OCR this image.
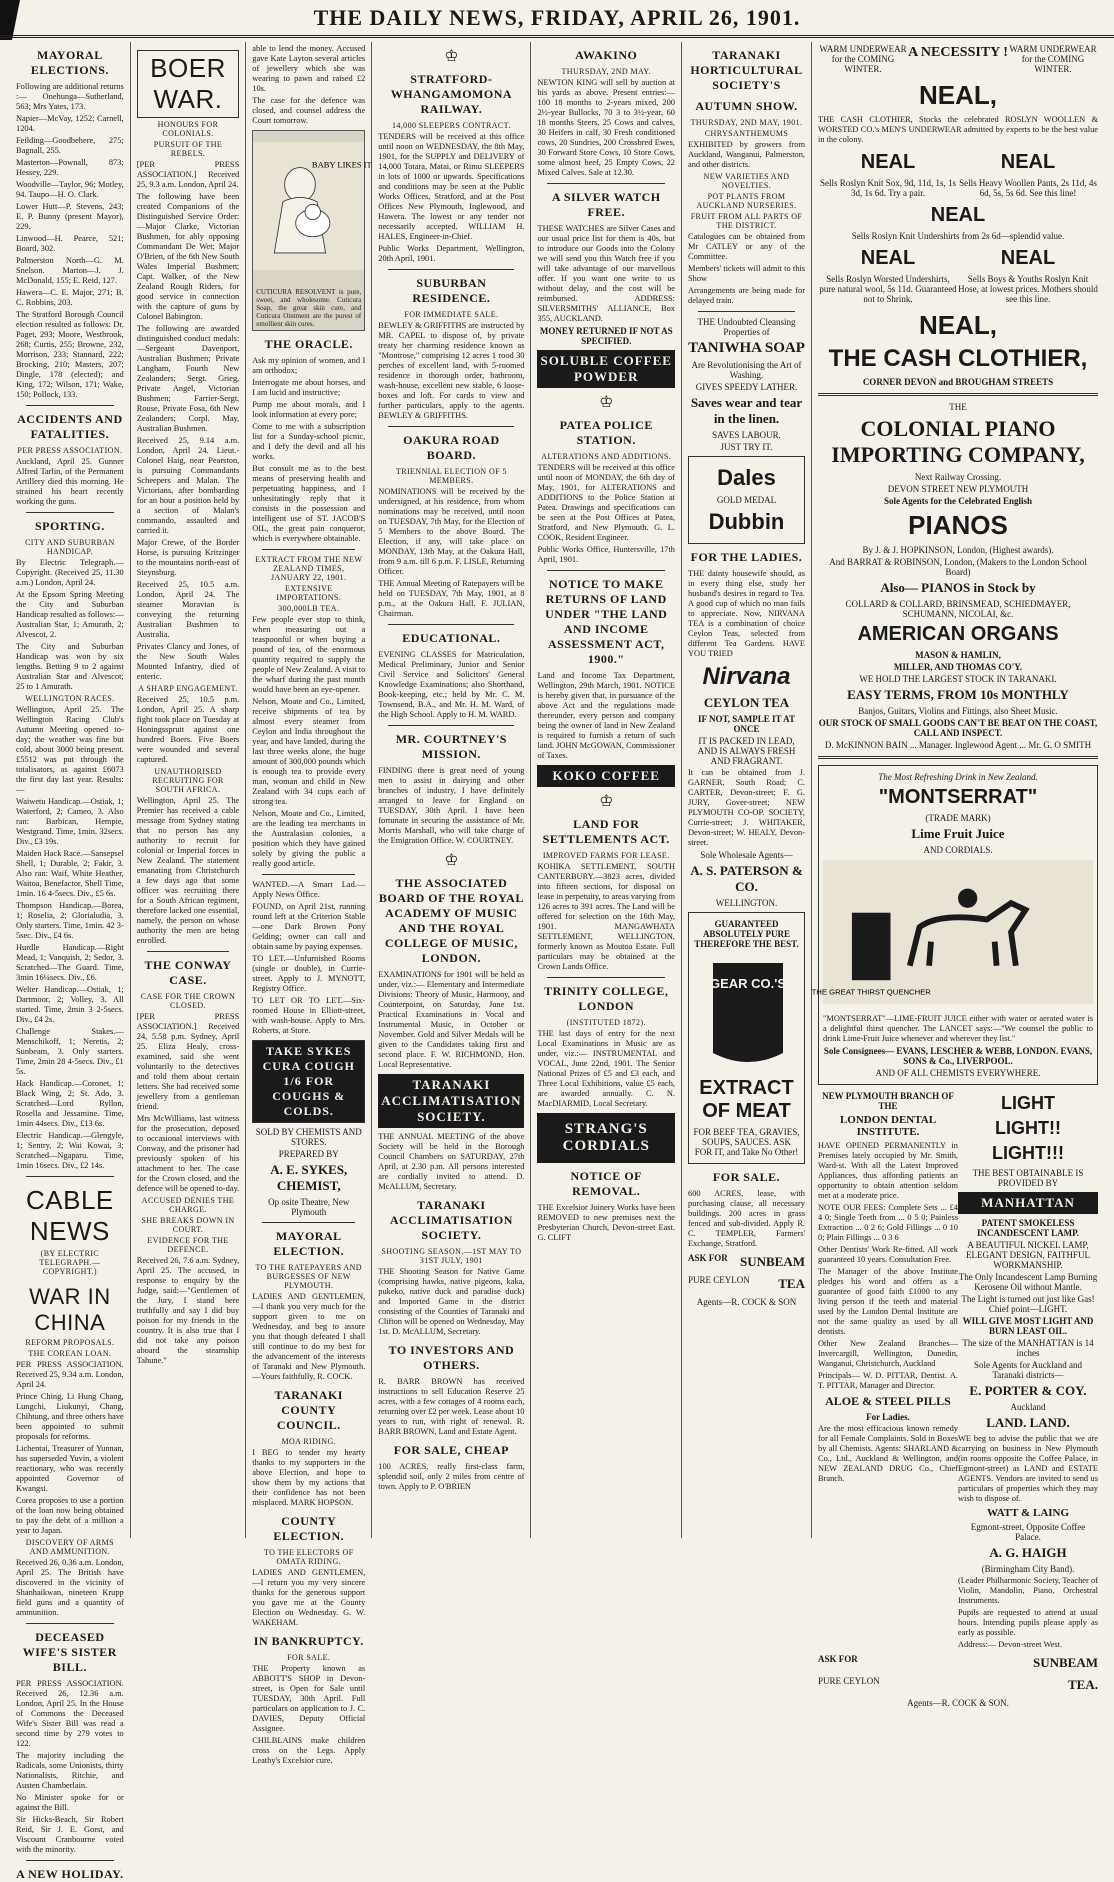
THE DAILY NEWS, FRIDAY, APRIL 26, 1901.
MAYORAL ELECTIONS.

Following are additional returns :— Onehunga—Sutherland, 563; Mrs Yates, 173.

Napier—McVay, 1252; Carnell, 1204.

Feilding—Goodbehere, 275; Bagnall, 255.

Masterton—Pownall, 873; Hessey, 229.

Woodville—Taylor, 96; Motley, 94. Taupo—H. O. Clark.

Lower Hutt—P. Stevens, 243; E. P. Bunny (present Mayor), 229.

Linwood—H. Pearce, 521; Board, 302.

Palmerston North—G. M. Snelson. Marton—J. J. McDonald, 155; E. Reid, 127.

Hawera—C. E. Major, 271; B. C. Robbins, 203.

The Stratford Borough Council election resulted as follows: Dr. Paget, 293; Moore, Westbrook, 268; Curtis, 255; Browne, 232, Morrison, 233; Stannard, 222; Brocking, 210; Masters, 207; Dingle, 178 (elected); and King, 172; Wilson, 171; Wake, 150; Pollock, 133.

ACCIDENTS AND FATALITIES.
PER PRESS ASSOCIATION.

Auckland, April 25. Gunner Alfred Tarlin, of the Permanent Artillery died this morning. He strained his heart recently working the guns.

SPORTING.
CITY AND SUBURBAN HANDICAP.

By Electric Telegraph.—Copyright. (Received 25, 11.30 a.m.) London, April 24.

At the Epsom Spring Meeting the City and Suburban Handicap resulted as follows:— Australian Star, 1; Amurath, 2; Alvescot, 2.

The City and Suburban Handicap was won by six lengths. Betting 9 to 2 against Australian Star and Alvescot; 25 to 1 Amurath.

WELLINGTON RACES.

Wellington, April 25. The Wellington Racing Club's Autumn Meeting opened to-day; the weather was fine but cold, about 3000 being present. £5512 was put through the totalisators, as against £6073 the first day last year. Results:—

Waiwetu Handicap.—Ostiak, 1; Waterford, 2; Cameo, 3. Also ran: Barbican, Hempie, Westgrand. Time, 1min. 32secs. Div., £3 19s.

Maiden Hack Race.—Sansepsel Shell, 1; Durable, 2; Fakir, 3. Also ran: Waif, White Heather, Waitoa, Benefactor, Shell Time, 1min. 16 4-5secs. Div., £5 6s.

Thompson Handicap.—Borea, 1; Roselia, 2; Glorialudia, 3. Only starters. Time, 1min. 42 3-5sec. Div., £4 6s.

Hurdle Handicap.—Right Mead, 1; Vanquish, 2; Sedor, 3. Scratched—The Guard. Time, 3min 16¼secs. Div., £6.

Welter Handicap.—Ostiak, 1; Dartmoor, 2; Volley, 3. All started. Time, 2min 3 2-5secs. Div., £4 2s.

Challenge Stakes.—Menschikoff, 1; Neretis, 2; Sunbeam, 3. Only starters. Time, 2min 28 4-5secs. Div., £1 5s.

Hack Handicap.—Coronet, 1; Black Wing, 2; St. Ado, 3. Scratched—Lord Ryllon, Rosella and Jessamine. Time, 1min 44secs. Div., £13 6s.

Electric Handicap.—Glengyle, 1; Sentry, 2; Wai Kowai, 3; Scratched—Ngaparu. Time, 1min 16secs. Div., £2 14s.

CABLE NEWS
(BY ELECTRIC TELEGRAPH.—COPYRIGHT.)
WAR IN CHINA
REFORM PROPOSALS.
THE COREAN LOAN.

PER PRESS ASSOCIATION. Received 25, 9.34 a.m. London, April 24.

Prince Ching, Li Hung Chang, Lungchi, Liukunyi, Chang, Chihtung, and three others have been appointed to submit proposals for reforms.

Lichentai, Treasurer of Yunnan, has superseded Yuvin, a violent reactionary, who was recently appointed Governor of Kwangsi.

Corea proposes to use a portion of the loan now being obtained to pay the debt of a million a year to Japan.

DISCOVERY OF ARMS AND AMMUNITION.

Received 26, 0.36 a.m. London, April 25. The British have discovered in the vicinity of Shanhaikwan, nineteen Krupp field guns and a quantity of ammunition.

DECEASED WIFE'S SISTER BILL.

PER PRESS ASSOCIATION. Received 26, 12.36 a.m. London, April 25. In the House of Commons the Deceased Wife's Sister Bill was read a second time by 279 votes to 122.

The majority including the Radicals, some Unionists, thirty Nationalists, Ritchie, and Austen Chamberlain.

No Minister spoke for or against the Bill.

Sir Hicks-Beach, Sir Robert Reid, Sir J. E. Gorst, and Viscount Cranbourne voted with the minority.

A NEW HOLIDAY.
BOER WAR.
HONOURS FOR COLONIALS.
PURSUIT OF THE REBELS.

[PER PRESS ASSOCIATION.] Received 25, 9.3 a.m. London, April 24.

The following have been created Companions of the Distinguished Service Order:—Major Clarke, Victorian Bushmen, for ably opposing Commandant De Wet; Major O'Brien, of the 6th New South Wales Imperial Bushmen; Capt. Walker, of the New Zealand Rough Riders, for good service in connection with the capture of guns by Colonel Babington.

The following are awarded distinguished conduct medals:—Sergeant Davenport, Australian Bushmen; Private Langham, Fourth New Zealanders; Sergt. Grieg, Private Angel, Victorian Bushmen; Farrier-Sergt. Rouse, Private Fosa, 6th New Zealanders; Corpl. May, Australian Bushmen.

Received 25, 9.14 a.m. London, April 24. Lieut.-Colonel Haig, near Pearston, is pursuing Commandants Scheepers and Malan. The Victorians, after bombarding for an hour a position held by a section of Malan's commando, assaulted and carried it.

Major Crewe, of the Border Horse, is pursuing Kritzinger to the mountains north-east of Steynsburg.

Received 25, 10.5 a.m. London, April 24. The steamer Moravian is conveying the returning Australian Bushmen to Australia.

Privates Clancy and Jones, of the New South Wales Mounted Infantry, died of enteric.

A SHARP ENGAGEMENT.

Received 25, 10.5 p.m. London, April 25. A sharp fight took place on Tuesday at Honingsspruit against one hundred Boers. Five Boers were wounded and several captured.

UNAUTHORISED RECRUITING FOR SOUTH AFRICA.

Wellington, April 25. The Premier has received a cable message from Sydney stating that no person has any authority to recruit for colonial or Imperial forces in New Zealand. The statement emanating from Christchurch a few days ago that some officer was recruiting there for a South African regiment, therefore lacked one essential, namely, the person on whose authority the men are being enrolled.

THE CONWAY CASE.
CASE FOR THE CROWN CLOSED.

[PER PRESS ASSOCIATION.] Received 24, 5.58 p.m. Sydney, April 25. Eliza Healy, cross-examined, said she went voluntarily to the detectives and told them about certain letters. She had received some jewellery from a gentleman friend.

Mrs McWilliams, last witness for the prosecution, deposed to occasional interviews with Conway, and the prisoner had previously spoken of his attachment to her. The case for the Crown closed, and the defence will be opened to-day.

ACCUSED DENIES THE CHARGE.
SHE BREAKS DOWN IN COURT.
EVIDENCE FOR THE DEFENCE.

Received 26, 7.6 a.m. Sydney, April 25. The accused, in response to enquiry by the Judge, said:—"Gentlemen of the Jury, I stand here truthfully and say I did buy poison for my friends in the country. It is also true that I did not take any poison aboard the steamship Tahune."

able to lend the money. Accused gave Kate Layton several articles of jewellery which she was wearing to pawn and raised £2 10s.

The case for the defence was closed, and counsel address the Court tomorrow.

BABY LIKES IT

CUTICURA RESOLVENT is pure, sweet, and wholesome. Cuticura Soap, the great skin cure, and Cuticura Ointment are the purest of emollient skin cures.

THE ORACLE.

Ask my opinion of women, and I am orthodox;

Interrogate me about horses, and I am lucid and instructive;

Pump me about morals, and I look information at every pore;

Come to me with a subscription list for a Sunday-school picnic, and I defy the devil and all his works.

But consult me as to the best means of preserving health and perpetuating happiness, and I unhesitatingly reply that it consists in the possession and intelligent use of ST. JACOB'S OIL, the great pain conqueror, which is everywhere obtainable.

EXTRACT FROM THE NEW ZEALAND TIMES, JANUARY 22, 1901.
EXTENSIVE IMPORTATIONS.
300,000LB TEA.

Few people ever stop to think, when measuring out a teaspoonful or when buying a pound of tea, of the enormous quantity required to supply the people of New Zealand. A visit to the wharf during the past month would have been an eye-opener.

Nelson, Moate and Co., Limited, receive shipments of tea by almost every steamer from Ceylon and India throughout the year, and have landed, during the last three weeks alone, the huge amount of 300,000 pounds which is enough tea to provide every man, woman and child in New Zealand with 34 cups each of strong tea.

Nelson, Moate and Co., Limited, are the leading tea merchants in the Australasian colonies, a position which they have gained solely by giving the public a really good article.

WANTED.—A Smart Lad.—Apply News Office.

FOUND, on April 21st, running round left at the Criterion Stable—one Dark Brown Pony Gelding; owner can call and obtain same by paying expenses.

TO LET.—Unfurnished Rooms (single or double), in Currie-street. Apply to J. MYNOTT, Registry Office.

TO LET OR TO LET.—Six-roomed House in Elliott-street, with wash-house. Apply to Mrs. Roberts, at Store.

TAKE SYKES CURA COUGH 1/6 FOR COUGHS & COLDS.
SOLD BY CHEMISTS AND STORES.
PREPARED BY
A. E. SYKES, CHEMIST,
Op osite Theatre, New Plymouth
MAYORAL ELECTION.
TO THE RATEPAYERS AND BURGESSES OF NEW PLYMOUTH.

LADIES AND GENTLEMEN,—I thank you very much for the support given to me on Wednesday, and beg to assure you that though defeated I shall still continue to do my best for the advancement of the interests of Taranaki and New Plymouth.—Yours faithfully, R. COCK.

TARANAKI COUNTY COUNCIL.
MOA RIDING.

I BEG to tender my hearty thanks to my supporters in the above Election, and hope to show them by my actions that their confidence has not been misplaced. MARK HOPSON.

COUNTY ELECTION.
TO THE ELECTORS OF OMATA RIDING.

LADIES AND GENTLEMEN,—I return you my very sincere thanks for the generous support you gave me at the County Election on Wednesday. G. W. WAKEHAM.

IN BANKRUPTCY.
FOR SALE.

THE Property known as ABBOTT'S SHOP in Devon-street, is Open for Sale until TUESDAY, 30th April. Full particulars on application to J. C. DAVIES, Deputy Official Assignee.

CHILBLAINS make children cross on the Legs. Apply Leathy's Excelsior cure.

♔
STRATFORD-WHANGAMOMONA RAILWAY.
14,000 SLEEPERS CONTRACT.

TENDERS will be received at this office until noon on WEDNESDAY, the 8th May, 1901, for the SUPPLY and DELIVERY of 14,000 Totara, Matai, or Rimu SLEEPERS in lots of 1000 or upwards. Specifications and conditions may be seen at the Public Works Offices, Stratford, and at the Post Offices New Plymouth, Inglewood, and Hawera. The lowest or any tender not necessarily accepted. WILLIAM H. HALES, Engineer-in-Chief.

Public Works Department, Wellington, 20th April, 1901.

SUBURBAN RESIDENCE.
FOR IMMEDIATE SALE.

BEWLEY & GRIFFITHS are instructed by MR. CAPEL to dispose of, by private treaty her charming residence known as "Montrose," comprising 12 acres 1 rood 30 perches of excellent land, with 5-roomed residence in thorough order, bathroom, wash-house, excellent new stable, 6 loose-boxes and loft. For cards to view and further particulars, apply to the agents. BEWLEY & GRIFFITHS.

OAKURA ROAD BOARD.
TRIENNIAL ELECTION OF 5 MEMBERS.

NOMINATIONS will be received by the undersigned, at his residence, from whom nominations may be received, until noon on TUESDAY, 7th May, for the Election of 5 Members to the above Board. The Election, if any, will take place on MONDAY, 13th May, at the Oakura Hall, from 9 a.m. till 6 p.m. F. LISLE, Returning Officer.

THE Annual Meeting of Ratepayers will be held on TUESDAY, 7th May, 1901, at 8 p.m., at the Oakura Hall. F. JULIAN, Chairman.

EDUCATIONAL.

EVENING CLASSES for Matriculation, Medical Preliminary, Junior and Senior Civil Service and Solicitors' General Knowledge Examinations; also Shorthand, Book-keeping, etc.; held by Mr. C. M. Townsend, B.A., and Mr. H. M. Ward, of the High School. Apply to H. M. WARD.

MR. COURTNEY'S MISSION.

FINDING there is great need of young men to assist in dairying and other branches of industry, I have definitely arranged to leave for England on TUESDAY, 30th April. I have been fortunate in securing the assistance of Mr. Morris Marshall, who will take charge of the Emigration Office. W. COURTNEY.

♔
THE ASSOCIATED BOARD OF THE ROYAL ACADEMY OF MUSIC AND THE ROYAL COLLEGE OF MUSIC, LONDON.

EXAMINATIONS for 1901 will be held as under, viz.:— Elementary and Intermediate Divisions: Theory of Music, Harmony, and Counterpoint, on Saturday, June 1st. Practical Examinations in Vocal and Instrumental Music, in October or November. Gold and Silver Medals will be given to the Candidates taking first and second place. F. W. RICHMOND, Hon. Local Representative.

TARANAKI ACCLIMATISATION SOCIETY.

THE ANNUAL MEETING of the above Society will be held in the Borough Council Chambers on SATURDAY, 27th April, at 2.30 p.m. All persons interested are cordially invited to attend. D. McALLUM, Secretary.

TARANAKI ACCLIMATISATION SOCIETY.
SHOOTING SEASON.—1ST MAY TO 31ST JULY, 1901

THE Shooting Season for Native Game (comprising hawks, native pigeons, kaka, pukeko, native duck and paradise duck) and Imported Game in the district consisting of the Counties of Taranaki and Clifton will be opened on Wednesday, May 1st. D. McALLUM, Secretary.

TO INVESTORS AND OTHERS.

R. BARR BROWN has received instructions to sell Education Reserve 25 acres, with a few cottages of 4 rooms each, returning over £2 per week. Lease about 10 years to run, with right of renewal. R. BARR BROWN, Land and Estate Agent.

FOR SALE, CHEAP

100 ACRES, really first-class farm, splendid soil, only 2 miles from centre of town. Apply to P. O'BRIEN

AWAKINO
THURSDAY, 2ND MAY.

NEWTON KING will sell by auction at his yards as above. Present entries:— 100 18 months to 2-years mixed, 200 2½-year Bullocks, 70 3 to 3½-year, 60 18 months Steers, 25 Cows and calves, 30 Heifers in calf, 30 Fresh conditioned cows, 20 Sundries, 200 Crossbred Ewes, 30 Forward Store Cows, 10 Store Cows, some almost beef, 25 Empty Cows, 22 Mixed Calves. Sale at 12.30.

A SILVER WATCH FREE.

THESE WATCHES are Silver Cases and our usual price list for them is 40s, but to introduce our Goods into the Colony we will send you this Watch free if you will take advantage of our marvellous offer. If you want one write to us without delay, and the cost will be reimbursed. ADDRESS: SILVERSMITHS' ALLIANCE, Box 355, AUCKLAND.

MONEY RETURNED IF NOT AS SPECIFIED.
SOLUBLE COFFEE POWDER
♔
PATEA POLICE STATION.
ALTERATIONS AND ADDITIONS.

TENDERS will be received at this office until noon of MONDAY, the 6th day of May, 1901, for ALTERATIONS and ADDITIONS to the Police Station at Patea. Drawings and specifications can be seen at the Post Offices at Patea, Stratford, and New Plymouth. G. L. COOK, Resident Engineer.

Public Works Office, Huntersville, 17th April, 1901.

NOTICE TO MAKE RETURNS OF LAND UNDER "THE LAND AND INCOME ASSESSMENT ACT, 1900."

Land and Income Tax Department, Wellington, 29th March, 1901. NOTICE is hereby given that, in pursuance of the above Act and the regulations made thereunder, every person and company being the owner of land in New Zealand is required to furnish a return of such land. JOHN McGOWAN, Commissioner of Taxes.

KOKO COFFEE
♔
LAND FOR SETTLEMENTS ACT.
IMPROVED FARMS FOR LEASE.

KOHIKA SETTLEMENT, SOUTH CANTERBURY.—3823 acres, divided into fifteen sections, for disposal on lease in perpetuity, to areas varying from 126 acres to 391 acres. The Land will be offered for selection on the 16th May, 1901. MANGAWHATA SETTLEMENT, WELLINGTON, formerly known as Moutoa Estate. Full particulars may be obtained at the Crown Lands Office.

TRINITY COLLEGE, LONDON
(INSTITUTED 1872).

THE last days of entry for the next Local Examinations in Music are as under, viz.:— INSTRUMENTAL and VOCAL, June 22nd, 1901. The Senior National Prizes of £5 and £3 each, and Three Local Exhibitions, value £5 each, are awarded annually. C. N. MacDIARMID, Local Secretary.

STRANG'S CORDIALS
NOTICE OF REMOVAL.

THE Excelsior Joinery Works have been REMOVED to new premises next the Presbyterian Church, Devon-street East. G. CLIFT

TARANAKI HORTICULTURAL SOCIETY'S
AUTUMN SHOW.
THURSDAY, 2ND MAY, 1901.
CHRYSANTHEMUMS

EXHIBITED by growers from Auckland, Wanganui, Palmerston, and other districts.

NEW VARIETIES AND NOVELTIES.
POT PLANTS FROM AUCKLAND NURSERIES.
FRUIT FROM ALL PARTS OF THE DISTRICT.

Catalogues can be obtained from Mr CATLEY or any of the Committee.

Members' tickets will admit to this Show

Arrangements are being made for delayed train.

THE Undoubted Cleansing Properties of
TANIWHA SOAP
Are Revolutionising the Art of Washing.
GIVES SPEEDY LATHER.
Saves wear and tear in the linen.
SAVES LABOUR.
JUST TRY IT.
Dales
GOLD MEDAL
Dubbin
FOR THE LADIES.

THE dainty housewife should, as in every thing else, study her husband's desires in regard to Tea. A good cup of which no man fails to appreciate. Now, NIRVANA TEA is a combination of choice Ceylon Teas, selected from different Tea Gardens. HAVE YOU TRIED

Nirvana
CEYLON TEA
IF NOT, SAMPLE IT AT ONCE
IT IS PACKED IN LEAD, AND IS ALWAYS FRESH AND FRAGRANT.

It can be obtained from J. GARNER, South Road; C. CARTER, Devon-street; F. G. JURY, Gover-street; NEW PLYMOUTH CO-OP. SOCIETY, Currie-street; J. WHITAKER, Devon-street; W. HEALY, Devon-street.

Sole Wholesale Agents—
A. S. PATERSON & CO.
WELLINGTON.
GUARANTEED ABSOLUTELY PURE THEREFORE THE BEST.
GEAR CO.'S
EXTRACT OF MEAT
FOR BEEF TEA, GRAVIES, SOUPS, SAUCES. ASK FOR IT, and Take No Other!
FOR SALE.

600 ACRES, lease, with purchasing clause, all necessary buildings. 200 acres in grass fenced and sub-divided. Apply R. C. TEMPLER, Farmers' Exchange, Stratford.

ASK FOR SUNBEAM
PURE CEYLON TEA
Agents—R. COCK & SON
WARM UNDERWEAR for the COMING WINTER.
A NECESSITY ! WARM UNDERWEAR for the COMING WINTER.
NEAL,

THE CASH CLOTHIER, Stocks the celebrated ROSLYN WOOLLEN & WORSTED CO.'s MEN'S UNDERWEAR admitted by experts to be the best value in the colony.

NEAL
Sells Roslyn Knit Sox, 9d, 11d, 1s, 1s 3d, 1s 6d. Try a pair.
NEAL
Sells Heavy Woollen Pants, 2s 11d, 4s 6d, 5s, 5s 6d. See this line!
NEAL
Sells Roslyn Knit Undershirts from 2s 6d—splendid value.
NEAL
Sells Roslyn Worsted Undershirts, pure natural wool, 5s 11d. Guaranteed not to Shrink.
NEAL
Sells Boys & Youths Roslyn Knit Hose, at lowest prices. Mothers should see this line.
NEAL,
THE CASH CLOTHIER,
CORNER DEVON and BROUGHAM STREETS
THE
COLONIAL PIANO IMPORTING COMPANY,
Next Railway Crossing.
DEVON STREET NEW PLYMOUTH
Sole Agents for the Celebrated English
PIANOS
By J. & J. HOPKINSON, London, (Highest awards).
And BARRAT & ROBINSON, London, (Makers to the London School Board)
Also— PIANOS in Stock by
COLLARD & COLLARD, BRINSMEAD, SCHIEDMAYER, SCHUMANN, NICOLAI, &c.
AMERICAN ORGANS
MASON & HAMLIN,
MILLER, AND THOMAS CO'Y.
WE HOLD THE LARGEST STOCK IN TARANAKI.
EASY TERMS, FROM 10s MONTHLY
Banjos, Guitars, Violins and Fittings, also Sheet Music.
OUR STOCK OF SMALL GOODS CAN'T BE BEAT ON THE COAST, CALL AND INSPECT.
D. McKINNON BAIN ... Manager. Inglewood Agent ... Mr. G. O SMITH
The Most Refreshing Drink in New Zealand.
"MONTSERRAT"
(TRADE MARK)
Lime Fruit Juice
AND CORDIALS.
THE GREAT THIRST QUENCHER

"MONTSERRAT"—LIME-FRUIT JUICE either with water or aerated water is a delightful thirst quencher. The LANCET says:—"We counsel the public to drink Lime-Fruit Juice whenever and wherever they list."

Sole Consignees— EVANS, LESCHER & WEBB, LONDON. EVANS, SONS & Co., LIVERPOOL.
AND OF ALL CHEMISTS EVERYWHERE.
NEW PLYMOUTH BRANCH OF THE
LONDON DENTAL INSTITUTE.

HAVE OPENED PERMANENTLY in Premises lately occupied by Mr. Smith, Ward-st. With all the Latest Improved Appliances, thus affording patients an opportunity to obtain attention seldom met at a moderate price.

NOTE OUR FEES: Complete Sets ... £4 4 0; Single Teeth from ... 0 5 0; Painless Extraction ... 0 2 6; Gold Fillings ... 0 10 0; Plain Fillings ... 0 3 6

Other Dentists' Work Re-fitted. All work guaranteed 10 years. Consultation Free.

The Manager of the above Institute pledges his word and offers as a guarantee of good faith £1000 to any living person if the teeth and material used by the London Dental Institute are not the same quality as used by all dentists.

Other New Zealand Branches— Invercargill, Wellington, Dunedin, Wanganui, Christchurch, Auckland

Principals— W. D. PITTAR, Dentist. A. T. PITTAR, Manager and Director.

ALOE & STEEL PILLS
For Ladies.

Are the most efficacious known remedy for all Female Complaints. Sold in Boxes by all Chemists. Agents: SHARLAND & Co., Ltd., Auckland & Wellington, and NEW ZEALAND DRUG Co., Chief Branch.

LIGHT
LIGHT!!
LIGHT!!!
THE BEST OBTAINABLE IS PROVIDED BY
MANHATTAN
PATENT SMOKELESS INCANDESCENT LAMP.
A BEAUTIFUL NICKEL LAMP, ELEGANT DESIGN, FAITHFUL WORKMANSHIP.
The Only Incandescent Lamp Burning Kerosene Oil without Mantle.
The Light is turned out just like Gas! Chief point—LIGHT.
WILL GIVE MOST LIGHT AND BURN LEAST OIL.
The size of the MANHATTAN is 14 inches
Sole Agents for Auckland and Taranaki districts—
E. PORTER & COY.
Auckland
LAND. LAND.

WE beg to advise the public that we are carrying on business in New Plymouth (in rooms opposite the Coffee Palace, in Egmont-street) as LAND and ESTATE AGENTS. Vendors are invited to send us particulars of properties which they may wish to dispose of.

WATT & LAING
Egmont-street, Opposite Coffee Palace.
A. G. HAIGH
(Birmingham City Band).

(Leader Philharmonic Society, Teacher of Violin, Mandolin, Piano, Orchestral Instruments.

Pupils are requested to attend at usual hours. Intending pupils please apply as early as possible.

Address:— Devon-street West.

ASK FOR	SUNBEAM
PURE CEYLON	TEA.
Agents—R. COCK & SON.
